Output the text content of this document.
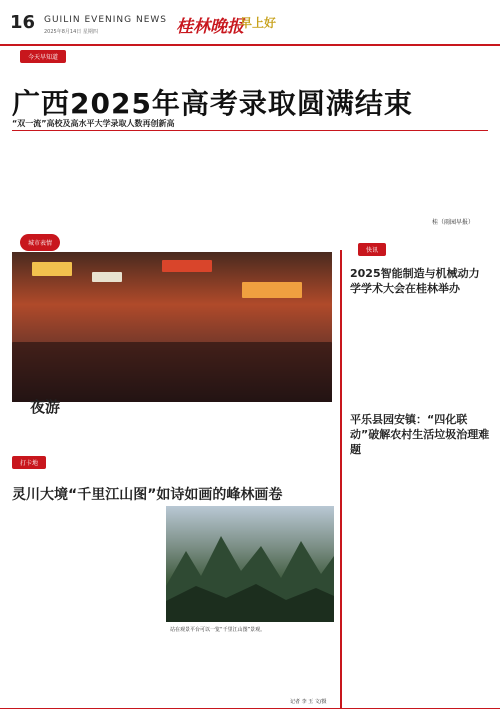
16 GUILIN EVENING NEWS
2025年8月14日 星期四	桂林晚报
早上好
今天早知道
广西2025年高考录取圆满结束
“双一流”高校及高水平大学录取人数再创新高
桂（雨园早报）
城市表情
夜游
快讯
2025智能制造与机械动力学学术大会在桂林举办
平乐县园安镇：“四化联动”破解农村生活垃圾治理难题
打卡地
灵川大境“千里江山图”如诗如画的峰林画卷
站在观景平台可以一览“千里江山图”景观。
记者 李 玉 文/摄
